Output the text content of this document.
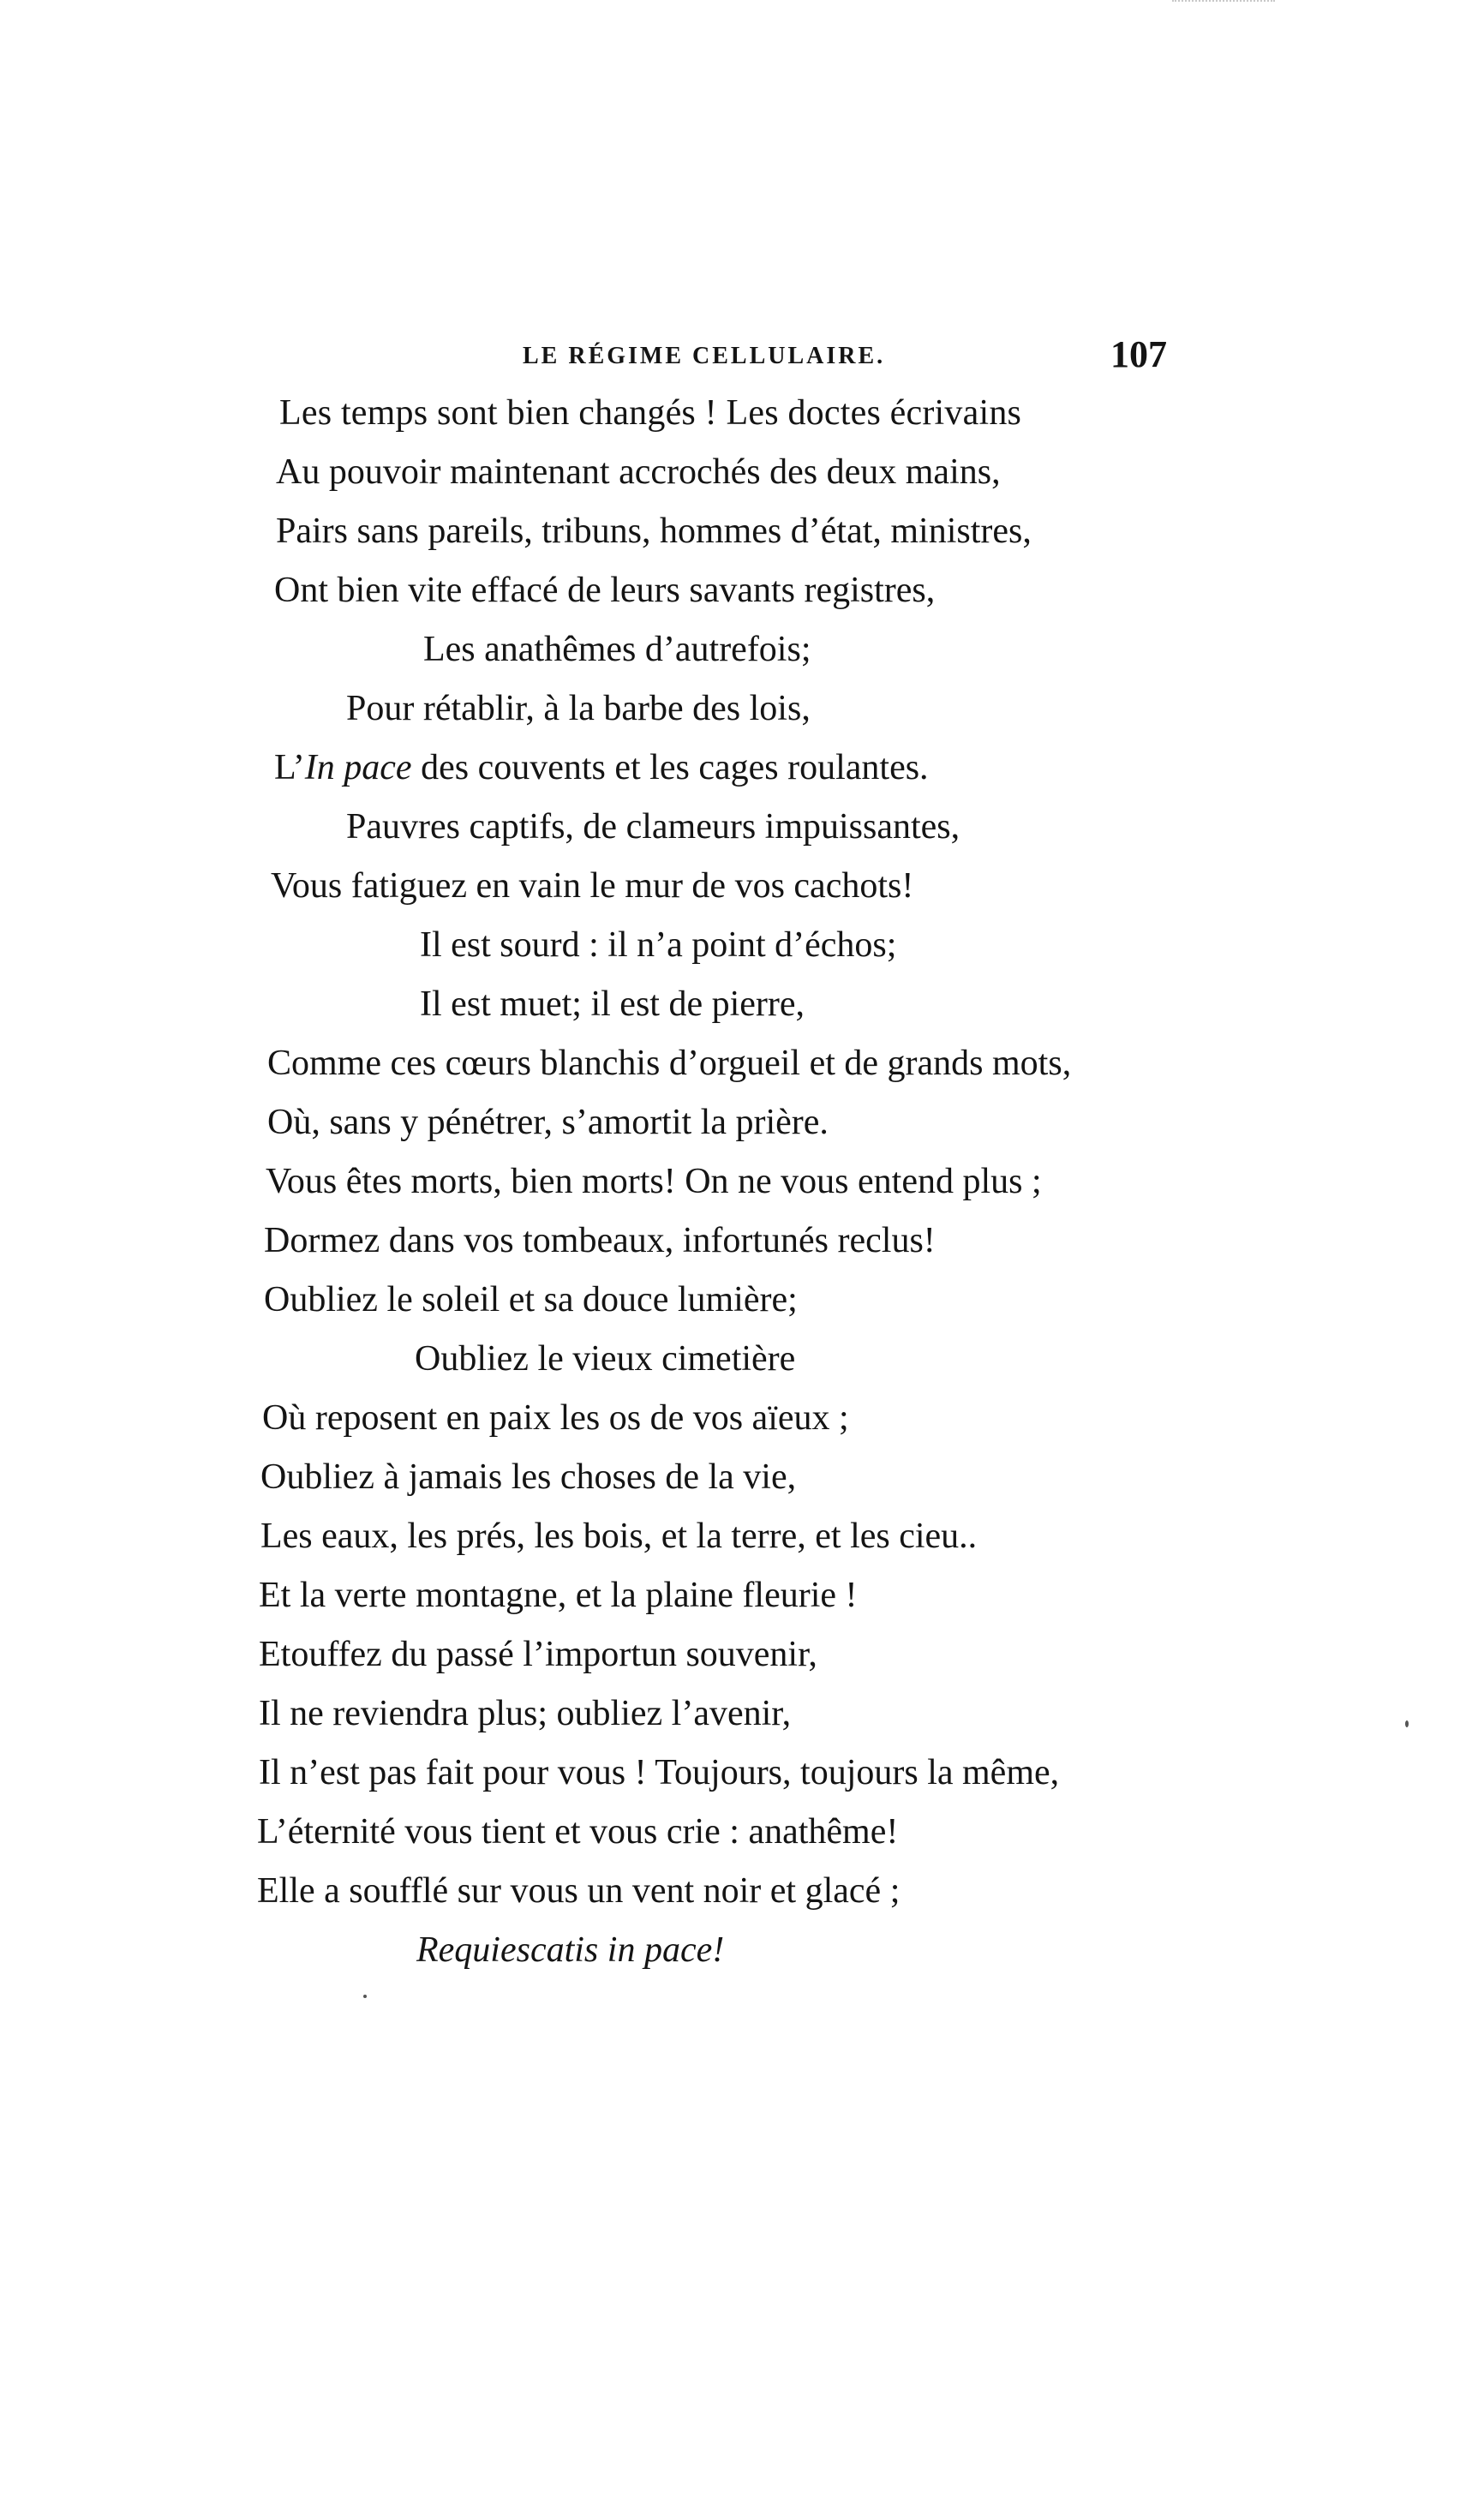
LE RÉGIME CELLULAIRE.	107
Les temps sont bien changés ! Les doctes écrivains
Au pouvoir maintenant accrochés des deux mains,
Pairs sans pareils, tribuns, hommes d’état, ministres,
Ont bien vite effacé de leurs savants registres,
Les anathêmes d’autrefois;
Pour rétablir, à la barbe des lois,
L’In pace des couvents et les cages roulantes.
Pauvres captifs, de clameurs impuissantes,
Vous fatiguez en vain le mur de vos cachots!
Il est sourd : il n’a point d’échos;
Il est muet; il est de pierre,
Comme ces cœurs blanchis d’orgueil et de grands mots,
Où, sans y pénétrer, s’amortit la prière.
Vous êtes morts, bien morts! On ne vous entend plus ;
Dormez dans vos tombeaux, infortunés reclus!
Oubliez le soleil et sa douce lumière;
Oubliez le vieux cimetière
Où reposent en paix les os de vos aïeux ;
Oubliez à jamais les choses de la vie,
Les eaux, les prés, les bois, et la terre, et les cieu..
Et la verte montagne, et la plaine fleurie !
Etouffez du passé l’importun souvenir,
Il ne reviendra plus; oubliez l’avenir,
Il n’est pas fait pour vous ! Toujours, toujours la même,
L’éternité vous tient et vous crie : anathême!
Elle a soufflé sur vous un vent noir et glacé ;
Requiescatis in pace!
